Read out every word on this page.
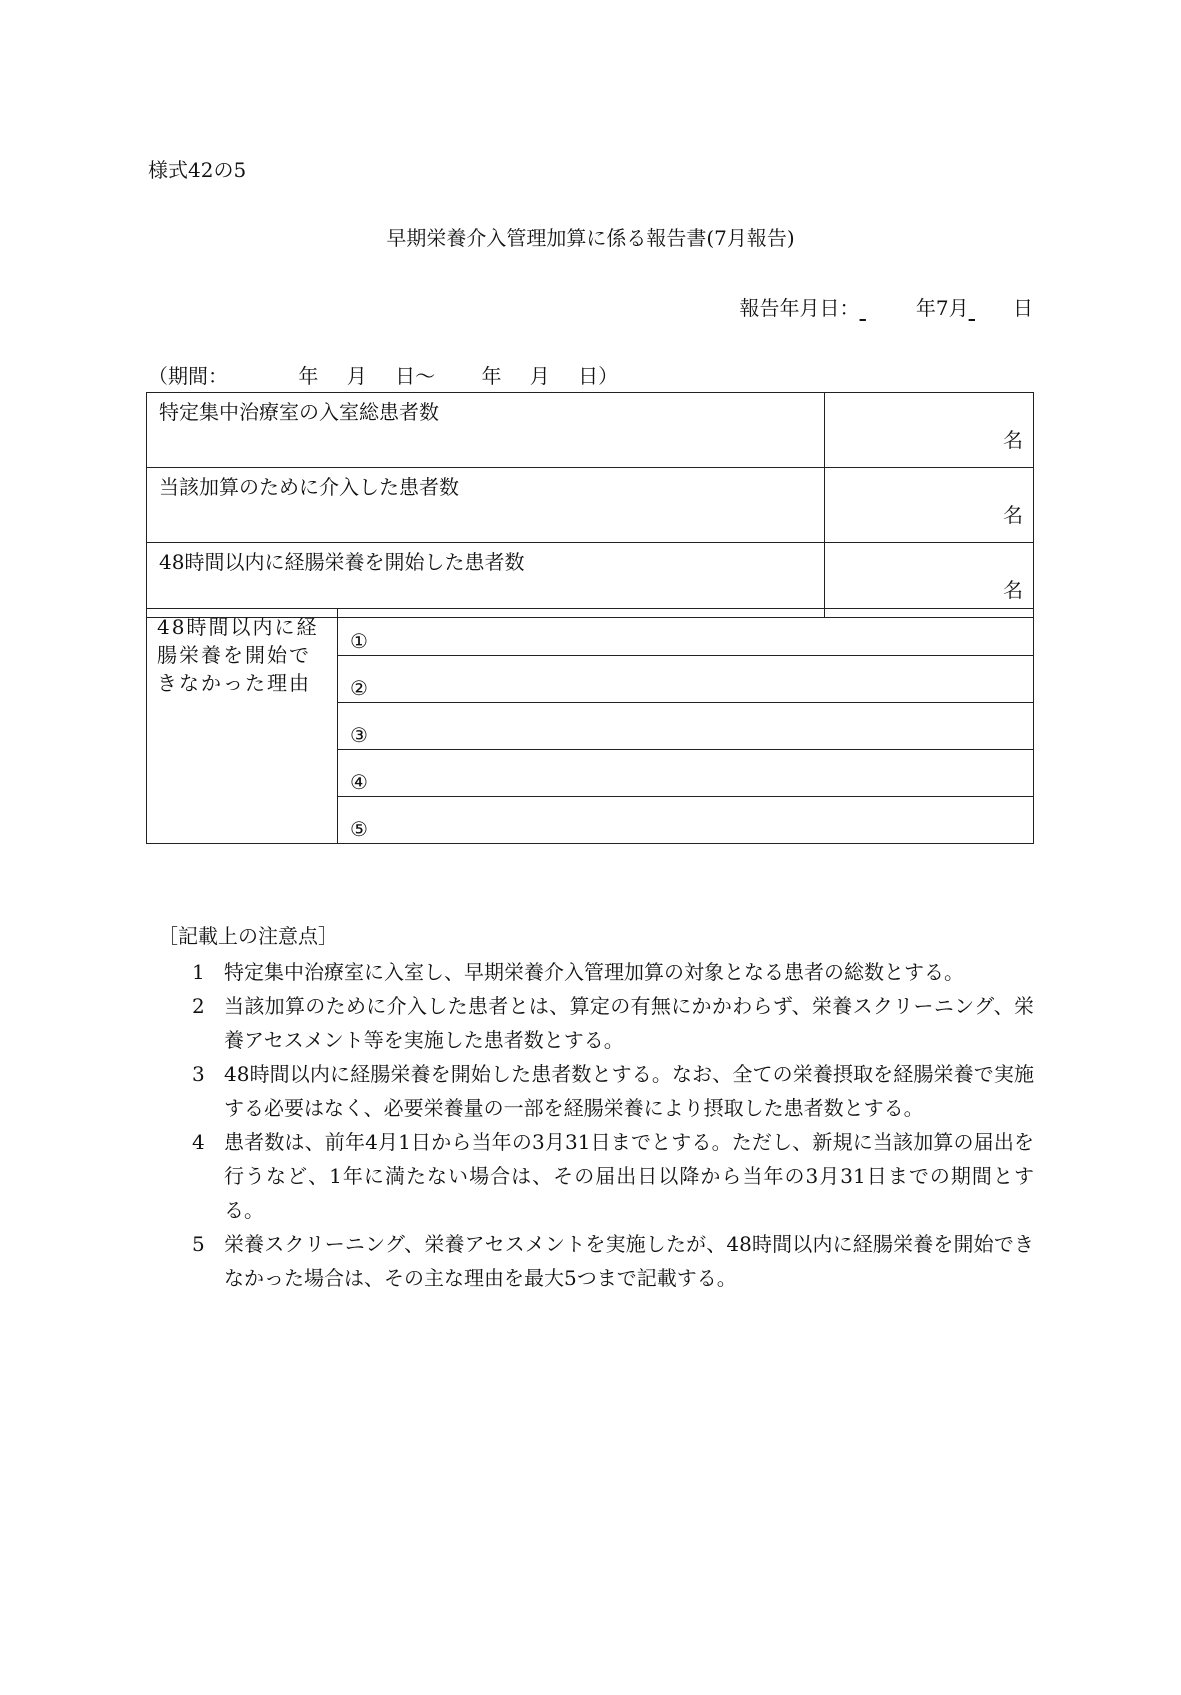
様式42の5
早期栄養介入管理加算に係る報告書(7月報告)
報告年月日：	年7月 日
（期間：	年 月 日～ 年 月 日）
特定集中治療室の入室総患者数	名
当該加算のために介入した患者数	名
48時間以内に経腸栄養を開始した患者数	名
48時間以内に経腸栄養を開始できなかった理由	①
②
③
④
⑤
［記載上の注意点］
1 特定集中治療室に入室し、早期栄養介入管理加算の対象となる患者の総数とする。
2 当該加算のために介入した患者とは、算定の有無にかかわらず、栄養スクリーニング、栄養アセスメント等を実施した患者数とする。
3 48時間以内に経腸栄養を開始した患者数とする。なお、全ての栄養摂取を経腸栄養で実施する必要はなく、必要栄養量の一部を経腸栄養により摂取した患者数とする。
4 患者数は、前年4月1日から当年の3月31日までとする。ただし、新規に当該加算の届出を行うなど、1年に満たない場合は、その届出日以降から当年の3月31日までの期間とする。
5 栄養スクリーニング、栄養アセスメントを実施したが、48時間以内に経腸栄養を開始できなかった場合は、その主な理由を最大5つまで記載する。
